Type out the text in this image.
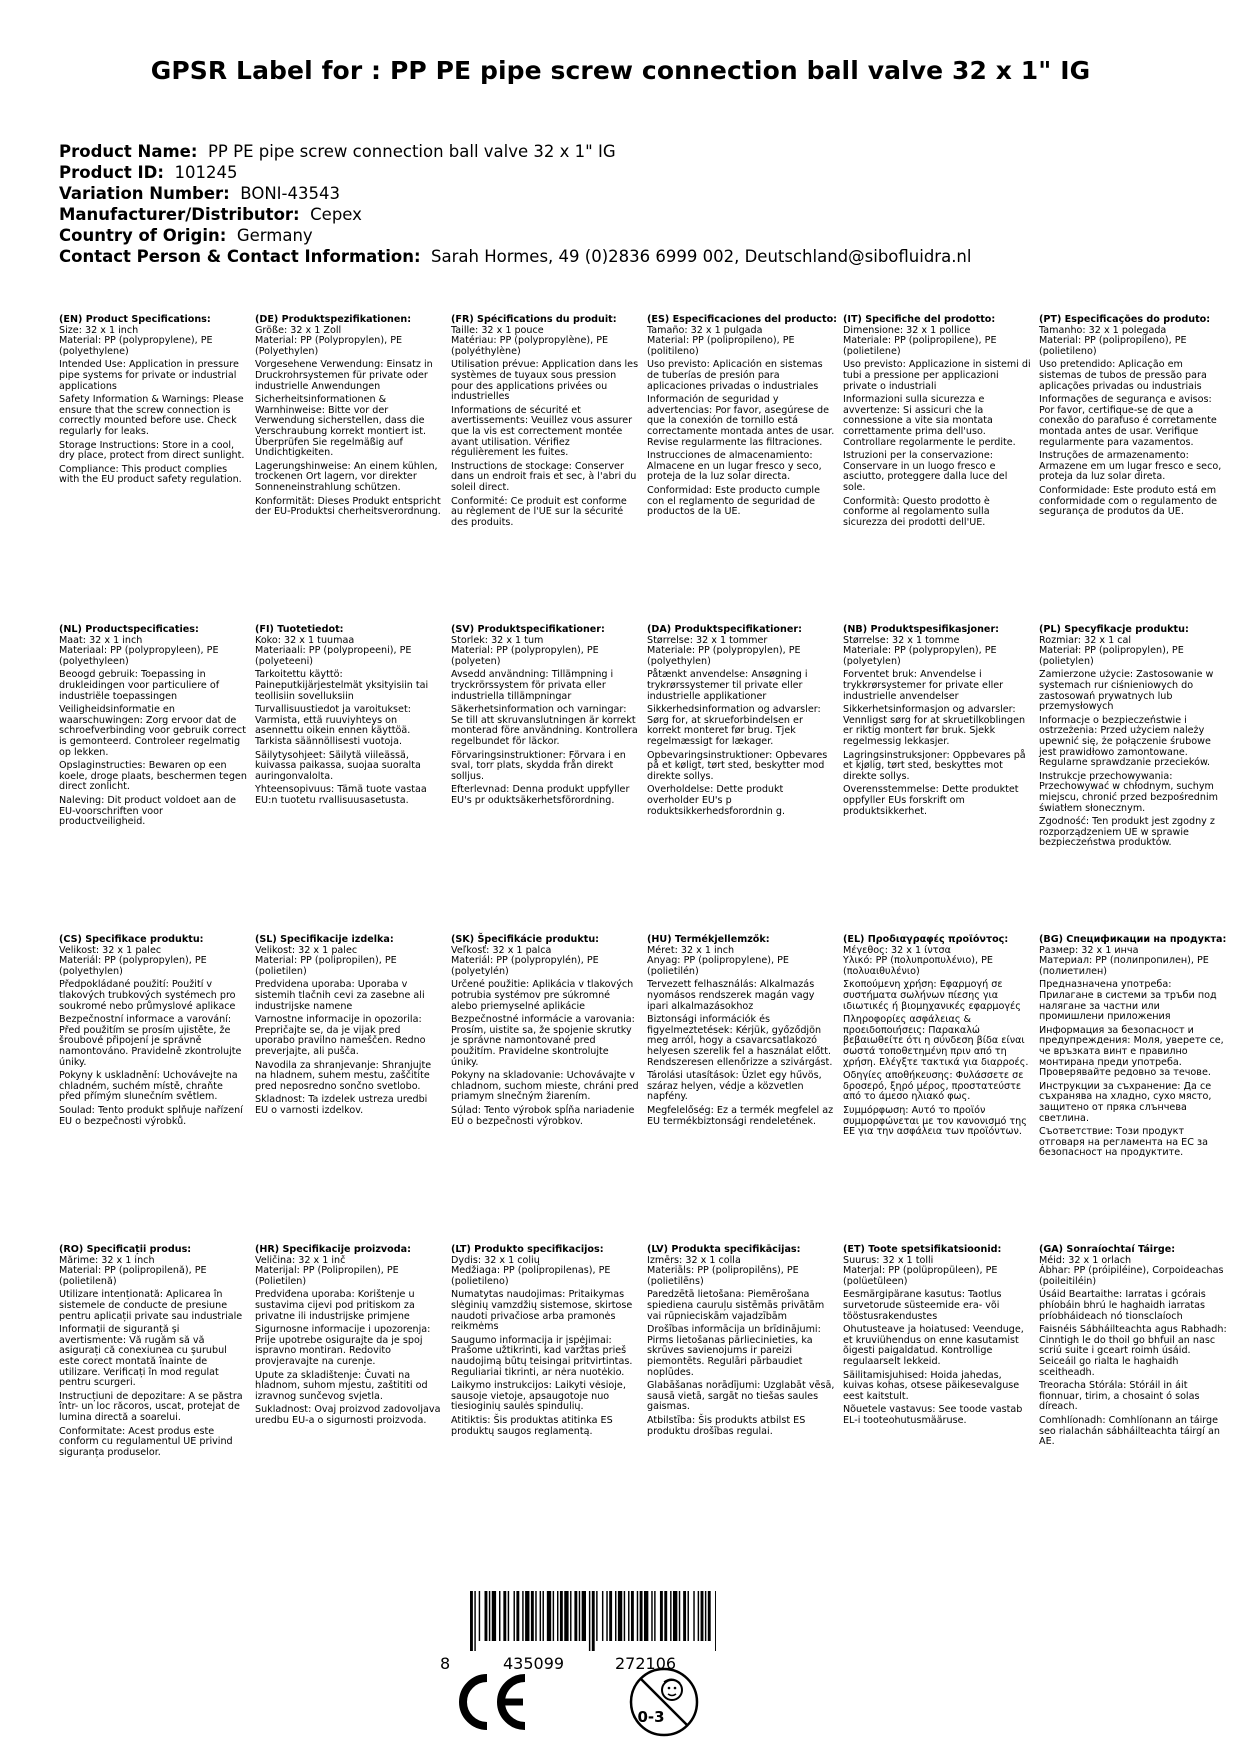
GPSR Label for : PP PE pipe screw connection ball valve 32 x 1" IG
Product Name: PP PE pipe screw connection ball valve 32 x 1" IG
Product ID: 101245
Variation Number: BONI-43543
Manufacturer/Distributor: Cepex
Country of Origin: Germany
Contact Person & Contact Information: Sarah Hormes, 49 (0)2836 6999 002, Deutschland@sibofluidra.nl
(EN) Product Specifications:
Size: 32 x 1 inch
Material: PP (polypropylene), PE (polyethylene)
Intended Use: Application in pressure pipe systems for private or industrial applications
Safety Information & Warnings: Please ensure that the screw connection is correctly mounted before use. Check regularly for leaks.
Storage Instructions: Store in a cool, dry place, protect from direct sunlight.
Compliance: This product complies with the EU product safety regulation.
(DE) Produktspezifikationen:
Größe: 32 x 1 Zoll
Material: PP (Polypropylen), PE (Polyethylen)
Vorgesehene Verwendung: Einsatz in Druckrohrsystemen für private oder industrielle Anwendungen
Sicherheitsinformationen & Warnhinweise: Bitte vor der Verwendung sicherstellen, dass die Verschraubung korrekt montiert ist. Überprüfen Sie regelmäßig auf Undichtigkeiten.
Lagerungshinweise: An einem kühlen, trockenen Ort lagern, vor direkter Sonneneinstrahlung schützen.
Konformität: Dieses Produkt entspricht der EU-Produktsi cherheitsverordnung.
(FR) Spécifications du produit:
Taille: 32 x 1 pouce
Matériau: PP (polypropylène), PE (polyéthylène)
Utilisation prévue: Application dans les systèmes de tuyaux sous pression pour des applications privées ou industrielles
Informations de sécurité et avertissements: Veuillez vous assurer que la vis est correctement montée avant utilisation. Vérifiez régulièrement les fuites.
Instructions de stockage: Conserver dans un endroit frais et sec, à l'abri du soleil direct.
Conformité: Ce produit est conforme au règlement de l'UE sur la sécurité des produits.
(ES) Especificaciones del producto:
Tamaño: 32 x 1 pulgada
Material: PP (polipropileno), PE (politileno)
Uso previsto: Aplicación en sistemas de tuberías de presión para aplicaciones privadas o industriales
Información de seguridad y advertencias: Por favor, asegúrese de que la conexión de tornillo está correctamente montada antes de usar. Revise regularmente las filtraciones.
Instrucciones de almacenamiento: Almacene en un lugar fresco y seco, proteja de la luz solar directa.
Conformidad: Este producto cumple con el reglamento de seguridad de productos de la UE.
(IT) Specifiche del prodotto:
Dimensione: 32 x 1 pollice
Materiale: PP (polipropilene), PE (polietilene)
Uso previsto: Applicazione in sistemi di tubi a pressione per applicazioni private o industriali
Informazioni sulla sicurezza e avvertenze: Si assicuri che la connessione a vite sia montata correttamente prima dell'uso. Controllare regolarmente le perdite.
Istruzioni per la conservazione: Conservare in un luogo fresco e asciutto, proteggere dalla luce del sole.
Conformità: Questo prodotto è conforme al regolamento sulla sicurezza dei prodotti dell'UE.
(PT) Especificações do produto:
Tamanho: 32 x 1 polegada
Material: PP (polipropileno), PE (polietileno)
Uso pretendido: Aplicação em sistemas de tubos de pressão para aplicações privadas ou industriais
Informações de segurança e avisos: Por favor, certifique-se de que a conexão do parafuso é corretamente montada antes de usar. Verifique regularmente para vazamentos.
Instruções de armazenamento: Armazene em um lugar fresco e seco, proteja da luz solar direta.
Conformidade: Este produto está em conformidade com o regulamento de segurança de produtos da UE.
(NL) Productspecificaties:
Maat: 32 x 1 inch
Materiaal: PP (polypropyleen), PE (polyethyleen)
Beoogd gebruik: Toepassing in drukleidingen voor particuliere of industriële toepassingen
Veiligheidsinformatie en waarschuwingen: Zorg ervoor dat de schroefverbinding voor gebruik correct is gemonteerd. Controleer regelmatig op lekken.
Opslaginstructies: Bewaren op een koele, droge plaats, beschermen tegen direct zonlicht.
Naleving: Dit product voldoet aan de EU-voorschriften voor productveiligheid.
(FI) Tuotetiedot:
Koko: 32 x 1 tuumaa
Materiaali: PP (polypropeeni), PE (polyeteeni)
Tarkoitettu käyttö: Paineputkijärjestelmät yksityisiin tai teollisiin sovelluksiin
Turvallisuustiedot ja varoitukset: Varmista, että ruuviyhteys on asennettu oikein ennen käyttöä. Tarkista säännöllisesti vuotoja.
Säilytysohjeet: Säilytä viileässä, kuivassa paikassa, suojaa suoralta auringonvalolta.
Yhteensopivuus: Tämä tuote vastaa EU:n tuotetu rvallisuusasetusta.
(SV) Produktspecifikationer:
Storlek: 32 x 1 tum
Material: PP (polypropylen), PE (polyeten)
Avsedd användning: Tillämpning i tryckrörssystem för privata eller industriella tillämpningar
Säkerhetsinformation och varningar: Se till att skruvanslutningen är korrekt monterad före användning. Kontrollera regelbundet för läckor.
Förvaringsinstruktioner: Förvara i en sval, torr plats, skydda från direkt solljus.
Efterlevnad: Denna produkt uppfyller EU's pr oduktsäkerhetsförordning.
(DA) Produktspecifikationer:
Størrelse: 32 x 1 tommer
Materiale: PP (polypropylen), PE (polyethylen)
Påtænkt anvendelse: Ansøgning i trykrørssystemer til private eller industrielle applikationer
Sikkerhedsinformation og advarsler: Sørg for, at skrueforbindelsen er korrekt monteret før brug. Tjek regelmæssigt for lækager.
Opbevaringsinstruktioner: Opbevares på et køligt, tørt sted, beskytter mod direkte sollys.
Overholdelse: Dette produkt overholder EU's p roduktsikkerhedsforordnin g.
(NB) Produktspesifikasjoner:
Størrelse: 32 x 1 tomme
Materiale: PP (polypropylen), PE (polyetylen)
Forventet bruk: Anvendelse i trykkrørsystemer for private eller industrielle anvendelser
Sikkerhetsinformasjon og advarsler: Vennligst sørg for at skruetilkoblingen er riktig montert før bruk. Sjekk regelmessig lekkasjer.
Lagringsinstruksjoner: Oppbevares på et kjølig, tørt sted, beskyttes mot direkte sollys.
Overensstemmelse: Dette produktet oppfyller EUs forskrift om produktsikkerhet.
(PL) Specyfikacje produktu:
Rozmiar: 32 x 1 cal
Materiał: PP (polipropylen), PE (polietylen)
Zamierzone użycie: Zastosowanie w systemach rur ciśnieniowych do zastosowań prywatnych lub przemysłowych
Informacje o bezpieczeństwie i ostrzeżenia: Przed użyciem należy upewnić się, że połączenie śrubowe jest prawidłowo zamontowane. Regularne sprawdzanie przecieków.
Instrukcje przechowywania: Przechowywać w chłodnym, suchym miejscu, chronić przed bezpośrednim światłem słonecznym.
Zgodność: Ten produkt jest zgodny z rozporządzeniem UE w sprawie bezpieczeństwa produktów.
(CS) Specifikace produktu:
Velikost: 32 x 1 palec
Materiál: PP (polypropylen), PE (polyethylen)
Předpokládané použití: Použití v tlakových trubkových systémech pro soukromé nebo průmyslové aplikace
Bezpečnostní informace a varování: Před použitím se prosím ujistěte, že šroubové připojení je správně namontováno. Pravidelně zkontrolujte úniky.
Pokyny k uskladnění: Uchovávejte na chladném, suchém místě, chraňte před přímým slunečním světlem.
Soulad: Tento produkt splňuje nařízení EU o bezpečnosti výrobků.
(SL) Specifikacije izdelka:
Velikost: 32 x 1 palec
Material: PP (polipropilen), PE (polietilen)
Predvidena uporaba: Uporaba v sistemih tlačnih cevi za zasebne ali industrijske namene
Varnostne informacije in opozorila: Prepričajte se, da je vijak pred uporabo pravilno nameščen. Redno preverjajte, ali pušča.
Navodila za shranjevanje: Shranjujte na hladnem, suhem mestu, zaščitite pred neposredno sončno svetlobo.
Skladnost: Ta izdelek ustreza uredbi EU o varnosti izdelkov.
(SK) Špecifikácie produktu:
Veľkosť: 32 x 1 palca
Materiál: PP (polypropylén), PE (polyetylén)
Určené použitie: Aplikácia v tlakových potrubia systémov pre súkromné alebo priemyselné aplikácie
Bezpečnostné informácie a varovania: Prosím, uistite sa, že spojenie skrutky je správne namontované pred použitím. Pravidelne skontrolujte úniky.
Pokyny na skladovanie: Uchovávajte v chladnom, suchom mieste, chráni pred priamym slnečným žiarením.
Súlad: Tento výrobok spĺňa nariadenie EÚ o bezpečnosti výrobkov.
(HU) Termékjellemzők:
Méret: 32 x 1 inch
Anyag: PP (polipropylene), PE (polietilén)
Tervezett felhasználás: Alkalmazás nyomásos rendszerek magán vagy ipari alkalmazásokhoz
Biztonsági információk és figyelmeztetések: Kérjük, győződjön meg arról, hogy a csavarcsatlakozó helyesen szerelik fel a használat előtt. Rendszeresen ellenőrizze a szivárgást.
Tárolási utasítások: Üzlet egy hűvös, száraz helyen, védje a közvetlen napfény.
Megfelelőség: Ez a termék megfelel az EU termékbiztonsági rendeletének.
(EL) Προδιαγραφές προϊόντος:
Μέγεθος: 32 x 1 ίντσα
Υλικό: PP (πολυπροπυλένιο), PE (πολυαιθυλένιο)
Σκοπούμενη χρήση: Εφαρμογή σε συστήματα σωλήνων πίεσης για ιδιωτικές ή βιομηχανικές εφαρμογές
Πληροφορίες ασφάλειας & προειδοποιήσεις: Παρακαλώ βεβαιωθείτε ότι η σύνδεση βίδα είναι σωστά τοποθετημένη πριν από τη χρήση. Ελέγξτε τακτικά για διαρροές.
Οδηγίες αποθήκευσης: Φυλάσσετε σε δροσερό, ξηρό μέρος, προστατεύστε από το άμεσο ηλιακό φως.
Συμμόρφωση: Αυτό το προϊόν συμμορφώνεται με τον κανονισμό της ΕΕ για την ασφάλεια των προϊόντων.
(BG) Спецификации на продукта:
Размер: 32 x 1 инча
Материал: PP (полипропилен), PE (полиетилен)
Предназначена употреба: Прилагане в системи за тръби под налягане за частни или промишлени приложения
Информация за безопасност и предупреждения: Моля, уверете се, че връзката винт е правилно монтирана преди употреба. Проверявайте редовно за течове.
Инструкции за съхранение: Да се съхранява на хладно, сухо място, защитено от пряка слънчева светлина.
Съответствие: Този продукт отговаря на регламента на ЕС за безопасност на продуктите.
(RO) Specificații produs:
Mărime: 32 x 1 inch
Material: PP (polipropilenă), PE (polietilenă)
Utilizare intenționată: Aplicarea în sistemele de conducte de presiune pentru aplicații private sau industriale
Informații de siguranță și avertismente: Vă rugăm să vă asigurați că conexiunea cu șurubul este corect montată înainte de utilizare. Verificați în mod regulat pentru scurgeri.
Instrucțiuni de depozitare: A se păstra într- un loc răcoros, uscat, protejat de lumina directă a soarelui.
Conformitate: Acest produs este conform cu regulamentul UE privind siguranța produselor.
(HR) Specifikacije proizvoda:
Veličina: 32 x 1 inč
Materijal: PP (Polipropilen), PE (Polietilen)
Predviđena uporaba: Korištenje u sustavima cijevi pod pritiskom za privatne ili industrijske primjene
Sigurnosne informacije i upozorenja: Prije upotrebe osigurajte da je spoj ispravno montiran. Redovito provjeravajte na curenje.
Upute za skladištenje: Čuvati na hladnom, suhom mjestu, zaštititi od izravnog sunčevog svjetla.
Sukladnost: Ovaj proizvod zadovoljava uredbu EU-a o sigurnosti proizvoda.
(LT) Produkto specifikacijos:
Dydis: 32 x 1 colių
Medžiaga: PP (polipropilenas), PE (polietileno)
Numatytas naudojimas: Pritaikymas slėginių vamzdžių sistemose, skirtose naudoti privačiose arba pramonės reikmėms
Saugumo informacija ir įspėjimai: Prašome užtikrinti, kad varžtas prieš naudojimą būtų teisingai pritvirtintas. Reguliariai tikrinti, ar nėra nuotėkio.
Laikymo instrukcijos: Laikyti vėsioje, sausoje vietoje, apsaugotoje nuo tiesioginių saulės spindulių.
Atitiktis: Šis produktas atitinka ES produktų saugos reglamentą.
(LV) Produkta specifikācijas:
Izmērs: 32 x 1 colla
Materiāls: PP (polipropilēns), PE (polietilēns)
Paredzētā lietošana: Piemērošana spiediena cauruļu sistēmās privātām vai rūpnieciskām vajadzībām
Drošības informācija un brīdinājumi: Pirms lietošanas pārliecinieties, ka skrūves savienojums ir pareizi piemontēts. Regulāri pārbaudiet noplūdes.
Glabāšanas norādījumi: Uzglabāt vēsā, sausā vietā, sargāt no tiešas saules gaismas.
Atbilstība: Šis produkts atbilst ES produktu drošības regulai.
(ET) Toote spetsifikatsioonid:
Suurus: 32 x 1 tolli
Materjal: PP (polüpropüleen), PE (polüetüleen)
Eesmärgipärane kasutus: Taotlus survetorude süsteemide era- või tööstusrakendustes
Ohutusteave ja hoiatused: Veenduge, et kruviühendus on enne kasutamist õigesti paigaldatud. Kontrollige regulaarselt lekkeid.
Säilitamisjuhised: Hoida jahedas, kuivas kohas, otsese päikesevalguse eest kaitstult.
Nõuetele vastavus: See toode vastab EL-i tooteohutusmääruse.
(GA) Sonraíochtaí Táirge:
Méid: 32 x 1 orlach
Ábhar: PP (próipiléine), Corpoideachas (poileitiléin)
Úsáid Beartaithe: Iarratas i gcórais phíobáin bhrú le haghaidh iarratas príobháideach nó tionsclaíoch
Faisnéis Sábháilteachta agus Rabhadh: Cinntigh le do thoil go bhfuil an nasc scriú suite i gceart roimh úsáid. Seiceáil go rialta le haghaidh sceitheadh.
Treoracha Stórála: Stóráil in áit fionnuar, tirim, a chosaint ó solas díreach.
Comhlíonadh: Comhlíonann an táirge seo rialachán sábháilteachta táirgí an AE.
8	435099	272106
0-3
